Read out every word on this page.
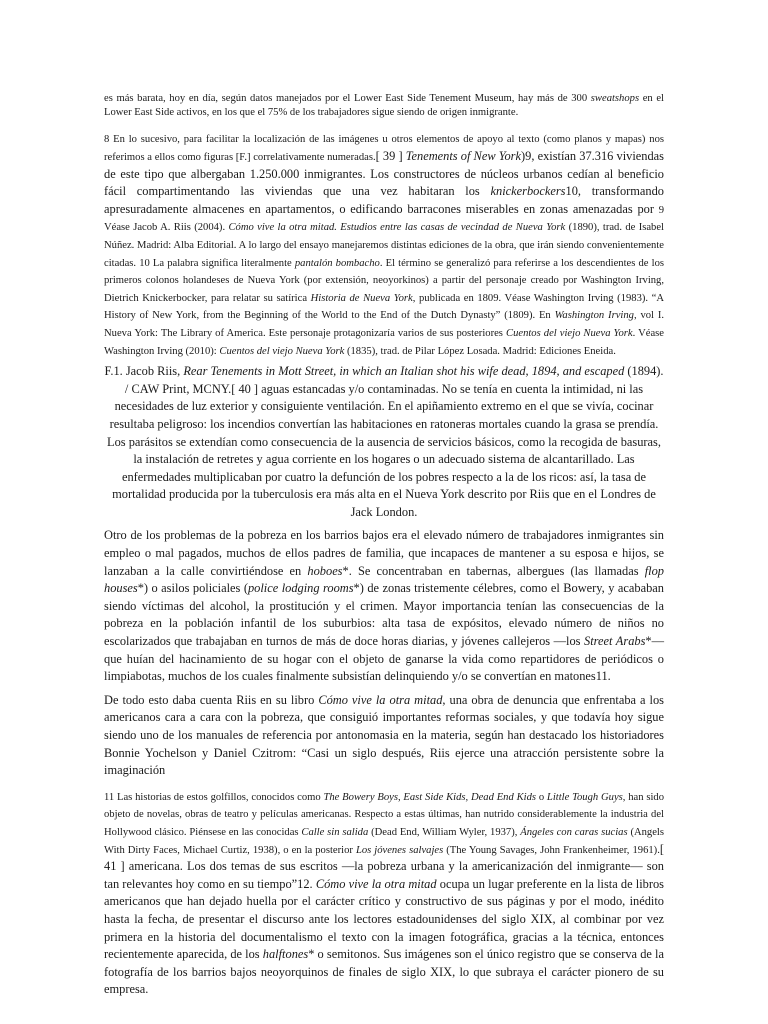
es más barata, hoy en día, según datos manejados por el Lower East Side Tenement Museum, hay más de 300 sweatshops en el Lower East Side activos, en los que el 75% de los trabajadores sigue siendo de origen inmigrante.

8 En lo sucesivo, para facilitar la localización de las imágenes u otros elementos de apoyo al texto (como planos y mapas) nos referimos a ellos como figuras [F.] correlativamente numeradas.[ 39 ] Tenements of New York)9, existían 37.316 viviendas de este tipo que albergaban 1.250.000 inmigrantes. Los constructores de núcleos urbanos cedían al beneficio fácil compartimentando las viviendas que una vez habitaran los knickerbockers10, transformando apresuradamente almacenes en apartamentos, o edificando barracones miserables en zonas amenazadas por 9 Véase Jacob A. Riis (2004). Cómo vive la otra mitad. Estudios entre las casas de vecindad de Nueva York (1890), trad. de Isabel Núñez. Madrid: Alba Editorial. A lo largo del ensayo manejaremos distintas ediciones de la obra, que irán siendo convenientemente citadas. 10 La palabra significa literalmente pantalón bombacho. El término se generalizó para referirse a los descendientes de los primeros colonos holandeses de Nueva York (por extensión, neoyorkinos) a partir del personaje creado por Washington Irving, Dietrich Knickerbocker, para relatar su satírica Historia de Nueva York, publicada en 1809. Véase Washington Irving (1983). “A History of New York, from the Beginning of the World to the End of the Dutch Dynasty” (1809). En Washington Irving, vol I. Nueva York: The Library of America. Este personaje protagonizaría varios de sus posteriores Cuentos del viejo Nueva York. Véase Washington Irving (2010): Cuentos del viejo Nueva York (1835), trad. de Pilar López Losada. Madrid: Ediciones Eneida.

F.1. Jacob Riis, Rear Tenements in Mott Street, in which an Italian shot his wife dead, 1894, and escaped (1894). / CAW Print, MCNY.[ 40 ] aguas estancadas y/o contaminadas. No se tenía en cuenta la intimidad, ni las necesidades de luz exterior y consiguiente ventilación. En el apiñamiento extremo en el que se vivía, cocinar resultaba peligroso: los incendios convertían las habitaciones en ratoneras mortales cuando la grasa se prendía. Los parásitos se extendían como consecuencia de la ausencia de servicios básicos, como la recogida de basuras, la instalación de retretes y agua corriente en los hogares o un adecuado sistema de alcantarillado. Las enfermedades multiplicaban por cuatro la defunción de los pobres respecto a la de los ricos: así, la tasa de mortalidad producida por la tuberculosis era más alta en el Nueva York descrito por Riis que en el Londres de Jack London.

Otro de los problemas de la pobreza en los barrios bajos era el elevado número de trabajadores inmigrantes sin empleo o mal pagados, muchos de ellos padres de familia, que incapaces de mantener a su esposa e hijos, se lanzaban a la calle convirtiéndose en hoboes*. Se concentraban en tabernas, albergues (las llamadas flop houses*) o asilos policiales (police lodging rooms*) de zonas tristemente célebres, como el Bowery, y acababan siendo víctimas del alcohol, la prostitución y el crimen. Mayor importancia tenían las consecuencias de la pobreza en la población infantil de los suburbios: alta tasa de expósitos, elevado número de niños no escolarizados que trabajaban en turnos de más de doce horas diarias, y jóvenes callejeros —los Street Arabs*— que huían del hacinamiento de su hogar con el objeto de ganarse la vida como repartidores de periódicos o limpiabotas, muchos de los cuales finalmente subsistían delinquiendo y/o se convertían en matones11.

De todo esto daba cuenta Riis en su libro Cómo vive la otra mitad, una obra de denuncia que enfrentaba a los americanos cara a cara con la pobreza, que consiguió importantes reformas sociales, y que todavía hoy sigue siendo uno de los manuales de referencia por antonomasia en la materia, según han destacado los historiadores Bonnie Yochelson y Daniel Czitrom: “Casi un siglo después, Riis ejerce una atracción persistente sobre la imaginación

11 Las historias de estos golfillos, conocidos como The Bowery Boys, East Side Kids, Dead End Kids o Little Tough Guys, han sido objeto de novelas, obras de teatro y películas americanas. Respecto a estas últimas, han nutrido considerablemente la industria del Hollywood clásico. Piénsese en las conocidas Calle sin salida (Dead End, William Wyler, 1937), Ángeles con caras sucias (Angels With Dirty Faces, Michael Curtiz, 1938), o en la posterior Los jóvenes salvajes (The Young Savages, John Frankenheimer, 1961).[ 41 ] americana. Los dos temas de sus escritos —la pobreza urbana y la americanización del inmigrante— son tan relevantes hoy como en su tiempo”12. Cómo vive la otra mitad ocupa un lugar preferente en la lista de libros americanos que han dejado huella por el carácter crítico y constructivo de sus páginas y por el modo, inédito hasta la fecha, de presentar el discurso ante los lectores estadounidenses del siglo XIX, al combinar por vez primera en la historia del documentalismo el texto con la imagen fotográfica, gracias a la técnica, entonces recientemente aparecida, de los halftones* o semitonos. Sus imágenes son el único registro que se conserva de la fotografía de los barrios bajos neoyorquinos de finales de siglo XIX, lo que subraya el carácter pionero de su empresa.
